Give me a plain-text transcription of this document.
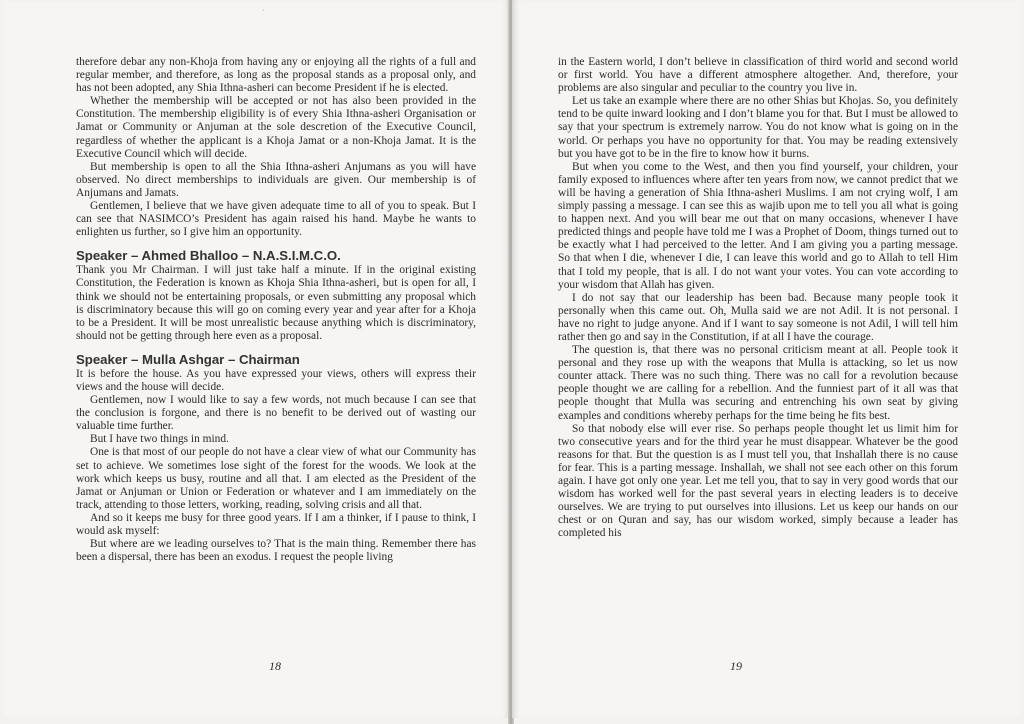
·

therefore debar any non-Khoja from having any or enjoying all the rights of a full and regular member, and therefore, as long as the proposal stands as a proposal only, and has not been adopted, any Shia Ithna-asheri can become President if he is elected.

Whether the membership will be accepted or not has also been provided in the Constitution. The membership eligibility is of every Shia Ithna-asheri Organisation or Jamat or Community or Anjuman at the sole descretion of the Executive Council, regardless of whether the applicant is a Khoja Jamat or a non-Khoja Jamat. It is the Executive Council which will decide.

But membership is open to all the Shia Ithna-asheri Anjumans as you will have observed. No direct memberships to individuals are given. Our membership is of Anjumans and Jamats.

Gentlemen, I believe that we have given adequate time to all of you to speak. But I can see that NASIMCO’s President has again raised his hand. Maybe he wants to enlighten us further, so I give him an opportunity.

Speaker – Ahmed Bhalloo – N.A.S.I.M.C.O.

Thank you Mr Chairman. I will just take half a minute. If in the original existing Constitution, the Federation is known as Khoja Shia Ithna-asheri, but is open for all, I think we should not be entertaining proposals, or even submitting any proposal which is discriminatory because this will go on coming every year and year after for a Khoja to be a President. It will be most unrealistic because anything which is discriminatory, should not be getting through here even as a proposal.

Speaker – Mulla Ashgar – Chairman

It is before the house. As you have expressed your views, others will express their views and the house will decide.

Gentlemen, now I would like to say a few words, not much because I can see that the conclusion is forgone, and there is no benefit to be derived out of wasting our valuable time further.

But I have two things in mind.

One is that most of our people do not have a clear view of what our Community has set to achieve. We sometimes lose sight of the forest for the woods. We look at the work which keeps us busy, routine and all that. I am elected as the President of the Jamat or Anjuman or Union or Federation or whatever and I am immediately on the track, attending to those letters, working, reading, solving crisis and all that.

And so it keeps me busy for three good years. If I am a thinker, if I pause to think, I would ask myself:

But where are we leading ourselves to? That is the main thing. Remember there has been a dispersal, there has been an exodus. I request the people living

18

in the Eastern world, I don’t believe in classification of third world and second world or first world. You have a different atmosphere altogether. And, therefore, your problems are also singular and peculiar to the country you live in.

Let us take an example where there are no other Shias but Khojas. So, you definitely tend to be quite inward looking and I don’t blame you for that. But I must be allowed to say that your spectrum is extremely narrow. You do not know what is going on in the world. Or perhaps you have no opportunity for that. You may be reading extensively but you have got to be in the fire to know how it burns.

But when you come to the West, and then you find yourself, your children, your family exposed to influences where after ten years from now, we cannot predict that we will be having a generation of Shia Ithna-asheri Muslims. I am not crying wolf, I am simply passing a message. I can see this as wajib upon me to tell you all what is going to happen next. And you will bear me out that on many occasions, whenever I have predicted things and people have told me I was a Prophet of Doom, things turned out to be exactly what I had perceived to the letter. And I am giving you a parting message. So that when I die, whenever I die, I can leave this world and go to Allah to tell Him that I told my people, that is all. I do not want your votes. You can vote according to your wisdom that Allah has given.

I do not say that our leadership has been bad. Because many people took it personally when this came out. Oh, Mulla said we are not Adil. It is not personal. I have no right to judge anyone. And if I want to say someone is not Adil, I will tell him rather then go and say in the Constitution, if at all I have the courage.

The question is, that there was no personal criticism meant at all. People took it personal and they rose up with the weapons that Mulla is attacking, so let us now counter attack. There was no such thing. There was no call for a revolution because people thought we are calling for a rebellion. And the funniest part of it all was that people thought that Mulla was securing and entrenching his own seat by giving examples and conditions whereby perhaps for the time being he fits best.

So that nobody else will ever rise. So perhaps people thought let us limit him for two consecutive years and for the third year he must disappear. Whatever be the good reasons for that. But the question is as I must tell you, that Inshallah there is no cause for fear. This is a parting message. Inshallah, we shall not see each other on this forum again. I have got only one year. Let me tell you, that to say in very good words that our wisdom has worked well for the past several years in electing leaders is to deceive ourselves. We are trying to put ourselves into illusions. Let us keep our hands on our chest or on Quran and say, has our wisdom worked, simply because a leader has completed his

19
